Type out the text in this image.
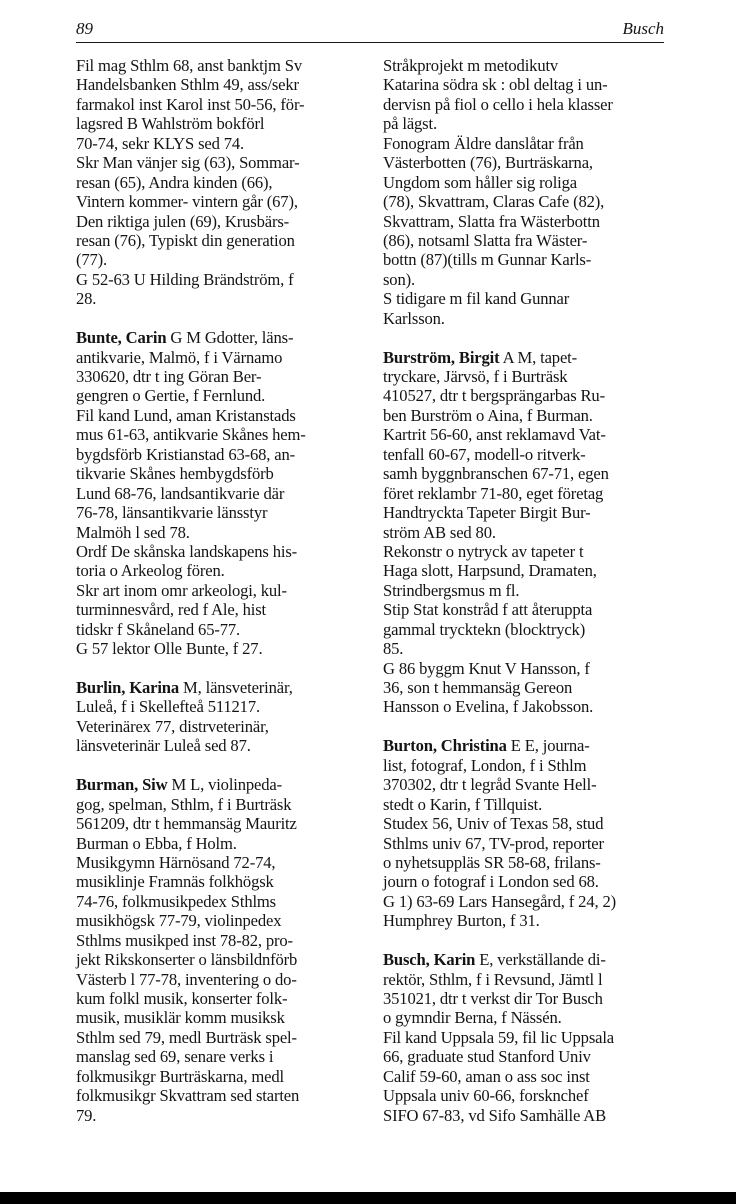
89	Busch
Fil mag Sthlm 68, anst banktjm Sv
Handelsbanken Sthlm 49, ass/sekr
farmakol inst Karol inst 50-56, för-
lagsred B Wahlström bokförl
70-74, sekr KLYS sed 74.
Skr Man vänjer sig (63), Sommar-
resan (65), Andra kinden (66),
Vintern kommer- vintern går (67),
Den riktiga julen (69), Krusbärs-
resan (76), Typiskt din generation
(77).
G 52-63 U Hilding Brändström, f
28.
Bunte, Carin G M Gdotter, läns-
antikvarie, Malmö, f i Värnamo
330620, dtr t ing Göran Ber-
gengren o Gertie, f Fernlund.
Fil kand Lund, aman Kristanstads
mus 61-63, antikvarie Skånes hem-
bygdsförb Kristianstad 63-68, an-
tikvarie Skånes hembygdsförb
Lund 68-76, landsantikvarie där
76-78, länsantikvarie länsstyr
Malmöh l sed 78.
Ordf De skånska landskapens his-
toria o Arkeolog fören.
Skr art inom omr arkeologi, kul-
turminnesvård, red f Ale, hist
tidskr f Skåneland 65-77.
G 57 lektor Olle Bunte, f 27.
Burlin, Karina M, länsveterinär,
Luleå, f i Skellefteå 511217.
Veterinärex 77, distrveterinär,
länsveterinär Luleå sed 87.
Burman, Siw M L, violinpeda-
gog, spelman, Sthlm, f i Burträsk
561209, dtr t hemmansäg Mauritz
Burman o Ebba, f Holm.
Musikgymn Härnösand 72-74,
musiklinje Framnäs folkhögsk
74-76, folkmusikpedex Sthlms
musikhögsk 77-79, violinpedex
Sthlms musikped inst 78-82, pro-
jekt Rikskonserter o länsbildnförb
Västerb l 77-78, inventering o do-
kum folkl musik, konserter folk-
musik, musiklär komm musiksk
Sthlm sed 79, medl Burträsk spel-
manslag sed 69, senare verks i
folkmusikgr Burträskarna, medl
folkmusikgr Skvattram sed starten
79.
Stråkprojekt m metodikutv
Katarina södra sk : obl deltag i un-
dervisn på fiol o cello i hela klasser
på lägst.
Fonogram Äldre danslåtar från
Västerbotten (76), Burträskarna,
Ungdom som håller sig roliga
(78), Skvattram, Claras Cafe (82),
Skvattram, Slatta fra Wästerbottn
(86), notsaml Slatta fra Wäster-
bottn (87)(tills m Gunnar Karls-
son).
S tidigare m fil kand Gunnar
Karlsson.
Burström, Birgit A M, tapet-
tryckare, Järvsö, f i Burträsk
410527, dtr t bergsprängarbas Ru-
ben Burström o Aina, f Burman.
Kartrit 56-60, anst reklamavd Vat-
tenfall 60-67, modell-o ritverk-
samh byggnbranschen 67-71, egen
föret reklambr 71-80, eget företag
Handtryckta Tapeter Birgit Bur-
ström AB sed 80.
Rekonstr o nytryck av tapeter t
Haga slott, Harpsund, Dramaten,
Strindbergsmus m fl.
Stip Stat konstråd f att återuppta
gammal trycktekn (blocktryck)
85.
G 86 byggm Knut V Hansson, f
36, son t hemmansäg Gereon
Hansson o Evelina, f Jakobsson.
Burton, Christina E E, journa-
list, fotograf, London, f i Sthlm
370302, dtr t legråd Svante Hell-
stedt o Karin, f Tillquist.
Studex 56, Univ of Texas 58, stud
Sthlms univ 67, TV-prod, reporter
o nyhetsuppläs SR 58-68, frilans-
journ o fotograf i London sed 68.
G 1) 63-69 Lars Hansegård, f 24, 2)
Humphrey Burton, f 31.
Busch, Karin E, verkställande di-
rektör, Sthlm, f i Revsund, Jämtl l
351021, dtr t verkst dir Tor Busch
o gymndir Berna, f Nässén.
Fil kand Uppsala 59, fil lic Uppsala
66, graduate stud Stanford Univ
Calif 59-60, aman o ass soc inst
Uppsala univ 60-66, forsknchef
SIFO 67-83, vd Sifo Samhälle AB
